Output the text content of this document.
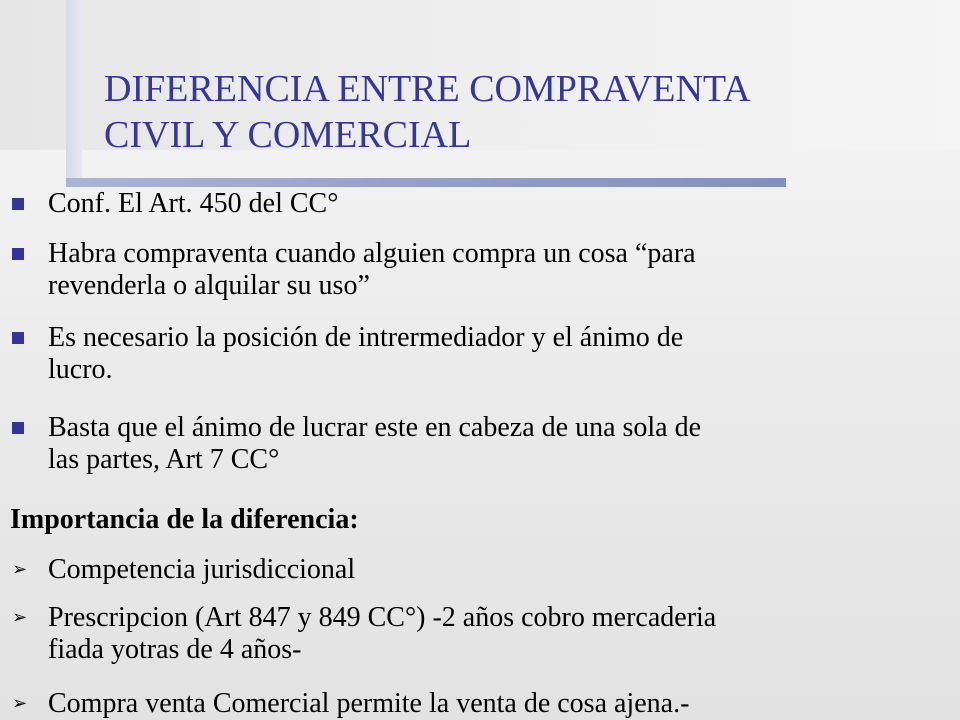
DIFERENCIA ENTRE COMPRAVENTA
CIVIL Y COMERCIAL
Conf. El Art. 450 del CC°
Habra compraventa cuando alguien compra un cosa “para
revenderla o alquilar su uso”
Es necesario la posición de intrermediador y el ánimo de
lucro.
Basta que el ánimo de lucrar este en cabeza de una sola de
las partes, Art 7 CC°
Importancia de la diferencia:
➢ Competencia jurisdiccional
➢ Prescripcion (Art 847 y 849 CC°) -2 años cobro mercaderia
fiada yotras de 4 años-
➢ Compra venta Comercial permite la venta de cosa ajena.-
